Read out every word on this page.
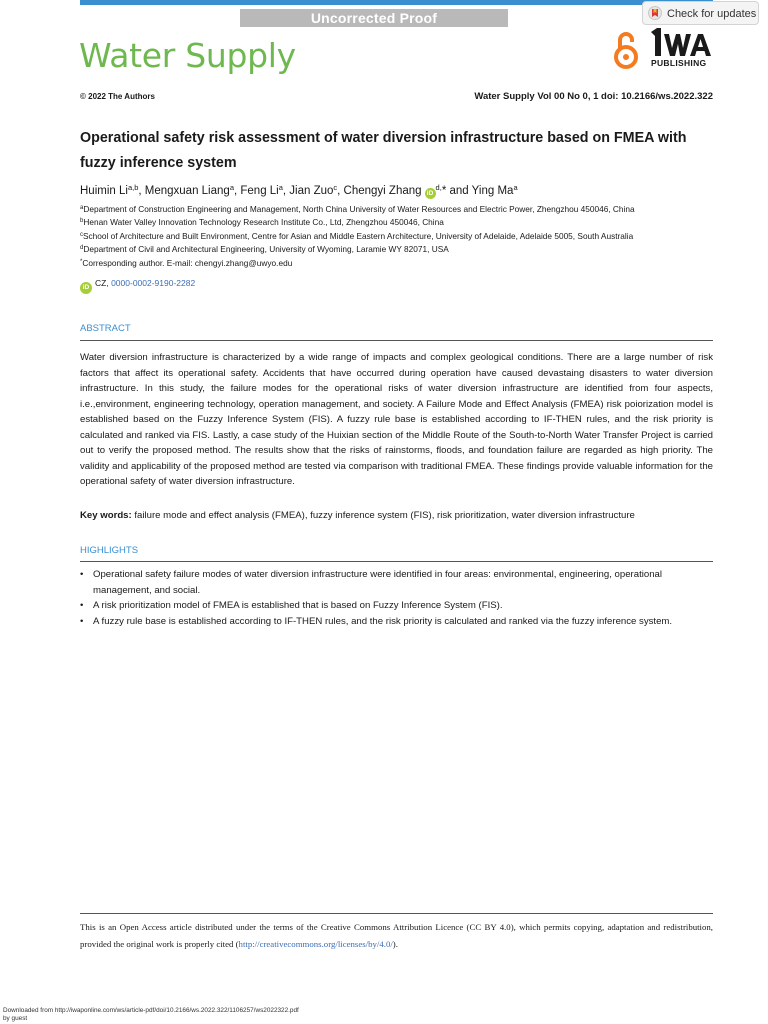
Uncorrected Proof	Check for updates
Water Supply	PUBLISHING
© 2022 The Authors	Water Supply Vol 00 No 0, 1 doi: 10.2166/ws.2022.322
Operational safety risk assessment of water diversion infrastructure based on FMEA with fuzzy inference system
Huimin Li$^{a,b}$, Mengxuan Liang$^a$, Feng Li$^a$, Jian Zuo$^c$, Chengyi Zhang $iD^{d,}*$ and Ying Ma$^a$
$^a$Department of Construction Engineering and Management, North China University of Water Resources and Electric Power, Zhengzhou 450046, China
$^b$Henan Water Valley Innovation Technology Research Institute Co., Ltd, Zhengzhou 450046, China
$^c$School of Architecture and Built Environment, Centre for Asian and Middle Eastern Architecture, University of Adelaide, Adelaide 5005, South Australia
$^d$Department of Civil and Architectural Engineering, University of Wyoming, Laramie WY 82071, USA
*Corresponding author. E-mail: chengyi.zhang@uwyo.edu
iD CZ, 0000-0002-9190-2282
ABSTRACT

Water diversion infrastructure is characterized by a wide range of impacts and complex geological conditions. There are a large number of risk factors that affect its operational safety. Accidents that have occurred during operation have caused devastaing disasters to water diversion infrastructure. In this study, the failure modes for the operational risks of water diversion infrastructure are identified from four aspects, i.e.,environment, engineering technology, operation management, and society. A Failure Mode and Effect Analysis (FMEA) risk poiorization model is established based on the Fuzzy Inference System (FIS). A fuzzy rule base is established according to IF-THEN rules, and the risk priority is calculated and ranked via FIS. Lastly, a case study of the Huixian section of the Middle Route of the South-to-North Water Transfer Project is carried out to verify the proposed method. The results show that the risks of rainstorms, floods, and foundation failure are regarded as high priority. The validity and applicability of the proposed method are tested via comparison with traditional FMEA. These findings provide valuable information for the operational safety of water diversion infrastructure.

Key words: failure mode and effect analysis (FMEA), fuzzy inference system (FIS), risk prioritization, water diversion infrastructure
HIGHLIGHTS
• Operational safety failure modes of water diversion infrastructure were identified in four areas: environmental, engineering, operational management, and social.
• A risk prioritization model of FMEA is established that is based on Fuzzy Inference System (FIS).
• A fuzzy rule base is established according to IF-THEN rules, and the risk priority is calculated and ranked via the fuzzy inference system.

This is an Open Access article distributed under the terms of the Creative Commons Attribution Licence (CC BY 4.0), which permits copying, adaptation and redistribution, provided the original work is properly cited (http://creativecommons.org/licenses/by/4.0/).

Downloaded from http://iwaponline.com/ws/article-pdf/doi/10.2166/ws.2022.322/1106257/ws2022322.pdf
by guest
